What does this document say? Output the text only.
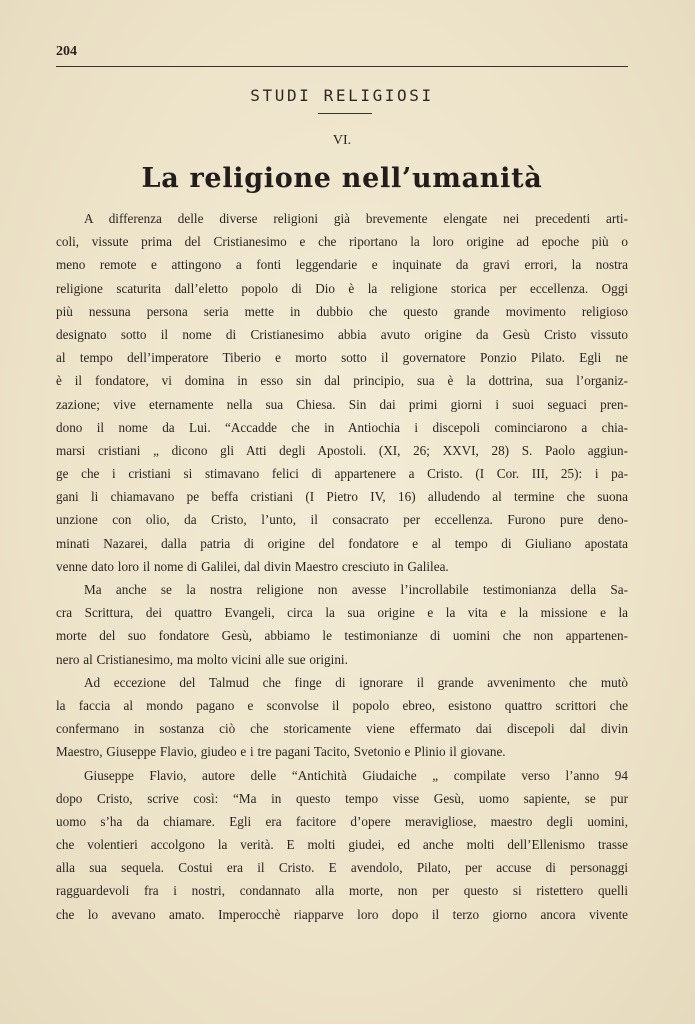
204
STUDI RELIGIOSI
VI.
La religione nell’umanità
A differenza delle diverse religioni già brevemente elengate nei precedenti arti-
coli, vissute prima del Cristianesimo e che riportano la loro origine ad epoche più o
meno remote e attingono a fonti leggendarie e inquinate da gravi errori, la nostra
religione scaturita dall’eletto popolo di Dio è la religione storica per eccellenza. Oggi
più nessuna persona seria mette in dubbio che questo grande movimento religioso
designato sotto il nome di Cristianesimo abbia avuto origine da Gesù Cristo vissuto
al tempo dell’imperatore Tiberio e morto sotto il governatore Ponzio Pilato. Egli ne
è il fondatore, vi domina in esso sin dal principio, sua è la dottrina, sua l’organiz-
zazione; vive eternamente nella sua Chiesa. Sin dai primi giorni i suoi seguaci pren-
dono il nome da Lui. “Accadde che in Antiochia i discepoli cominciarono a chia-
marsi cristiani „ dicono gli Atti degli Apostoli. (XI, 26; XXVI, 28) S. Paolo aggiun-
ge che i cristiani si stimavano felici di appartenere a Cristo. (I Cor. III, 25): i pa-
gani li chiamavano pe beffa cristiani (I Pietro IV, 16) alludendo al termine che suona
unzione con olio, da Cristo, l’unto, il consacrato per eccellenza. Furono pure deno-
minati Nazarei, dalla patria di origine del fondatore e al tempo di Giuliano apostata
venne dato loro il nome di Galilei, dal divin Maestro cresciuto in Galilea.
Ma anche se la nostra religione non avesse l’incrollabile testimonianza della Sa-
cra Scrittura, dei quattro Evangeli, circa la sua origine e la vita e la missione e la
morte del suo fondatore Gesù, abbiamo le testimonianze di uomini che non appartenen-
nero al Cristianesimo, ma molto vicini alle sue origini.
Ad eccezione del Talmud che finge di ignorare il grande avvenimento che mutò
la faccia al mondo pagano e sconvolse il popolo ebreo, esistono quattro scrittori che
confermano in sostanza ciò che storicamente viene effermato dai discepoli dal divin
Maestro, Giuseppe Flavio, giudeo e i tre pagani Tacito, Svetonio e Plinio il giovane.
Giuseppe Flavio, autore delle “Antichità Giudaiche „ compilate verso l’anno 94
dopo Cristo, scrive così: “Ma in questo tempo visse Gesù, uomo sapiente, se pur
uomo s’ha da chiamare. Egli era facitore d’opere meravigliose, maestro degli uomini,
che volentieri accolgono la verità. E molti giudei, ed anche molti dell’Ellenismo trasse
alla sua sequela. Costui era il Cristo. E avendolo, Pilato, per accuse di personaggi
ragguardevoli fra i nostri, condannato alla morte, non per questo si ristettero quelli
che lo avevano amato. Imperocchè riapparve loro dopo il terzo giorno ancora vivente
